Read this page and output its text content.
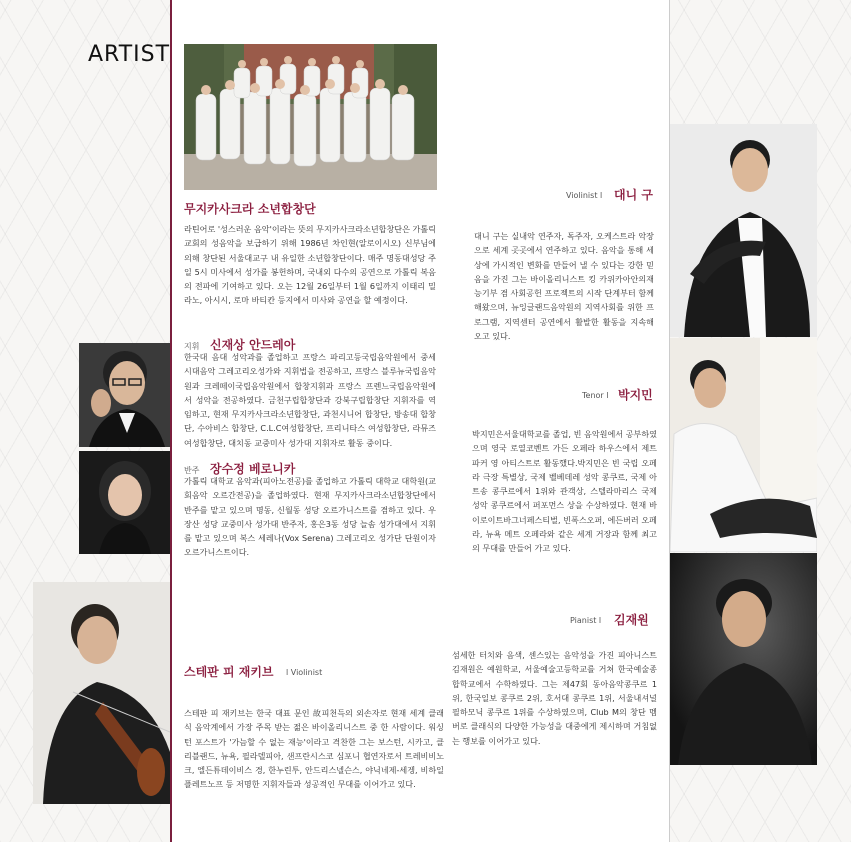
ARTIST
무지카사크라 소년합창단
라틴어로 '성스러운 음악'이라는 뜻의 무지카사크라소년합창단은 가톨릭교회의 성음악을 보급하기 위해 1986년 차인현(알로이시오) 신부님에 의해 창단된 서울대교구 내 유일한 소년합창단이다. 매주 명동대성당 주일 5시 미사에서 성가를 봉헌하며, 국내외 다수의 공연으로 가톨릭 복음의 전파에 기여하고 있다. 오는 12월 26일부터 1월 6일까지 이태리 밀라노, 아시시, 로마 바티칸 등지에서 미사와 공연을 할 예정이다.
지휘 신재상 안드레아
한국대 음대 성악과를 졸업하고 프랑스 파리고등국립음악원에서 중세 시대음악 그레고리오성가와 지휘법을 전공하고, 프랑스 블루뉴국립음악원과 크레떼이국립음악원에서 합창지휘과 프랑스 프렌느국립음악원에서 성악을 전공하였다. 금천구립합창단과 강북구립합창단 지휘자를 역임하고, 현재 무지카사크라소년합창단, 과천시니어 합창단, 방송대 합창단, 수아비스 합창단, C.L.C여성합창단, 프리니타스 여성합창단, 라뮤즈여성합창단, 대치동 교중미사 성가대 지휘자로 활동 중이다.
반주 장수정 베로니카
가톨릭 대학교 음악과(피아노전공)를 졸업하고 가톨릭 대학교 대학원(교회음악 오르간전공)을 졸업하였다. 현재 무지카사크라소년합창단에서 반주를 맡고 있으며 명동, 신월동 성당 오르가니스트를 겸하고 있다. 우장산 성당 교중미사 성가대 반주자, 홍은3동 성당 늘솜 성가대에서 지휘를 맡고 있으며 복스 세레나(Vox Serena) 그레고리오 성가단 단원이자 오르가니스트이다.
스테판 피 재키브 l Violinist
스테판 피 재키브는 한국 대표 문인 故피천득의 외손자로 현재 세계 클래식 음악계에서 가장 주목 받는 젊은 바이올리니스트 중 한 사람이다. 워싱턴 포스트가 '가늠할 수 없는 재능'이라고 격찬한 그는 보스턴, 시카고, 클리블랜드, 뉴욕, 필라델피아, 샌프란시스코 심포니 협연자로서 트레비비노크, 엘든튜데이비스 경, 한누린투, 안드리스넬슨스, 야닉네제-세겡, 비하일플레트노프 등 저명한 지휘자들과 성공적인 무대를 이어가고 있다.
Violinist l 대니 구
대니 구는 실내악 연주자, 독주자, 오케스트라 악장으로 세계 곳곳에서 연주하고 있다. 음악을 통해 세상에 가시적인 변화를 만들어 낼 수 있다는 강한 믿음을 가진 그는 바이올리니스트 킹 카위카아안의재능기부 겸 사회공헌 프로젝트의 시작 단계부터 함께 해왔으며, 뉴잉글랜드음악원의 지역사회를 위한 프로그램, 지역센터 공연에서 활발한 활동을 지속해 오고 있다.
Tenor l 박지민
박지민은서울대학교를 졸업, 빈 음악원에서 공부하였으며 영국 로열코벤트 가든 오페라 하우스에서 제트 파커 영 아티스트로 활동했다.박지민은 빈 국립 오페라 극장 특별상, 국제 벨베데레 성악 콩쿠르, 국제 아트송 콩쿠르에서 1위와 관객상, 스텔라마리스 국제 성악 콩쿠르에서 퍼포먼스 상을 수상하였다. 현재 바이로이트바그너페스티벌, 빈폭스오퍼, 에든버러 오페라, 뉴욕 메트 오페라와 같은 세계 거장과 함께 최고의 무대를 만들어 가고 있다.
Pianist l 김재원
섬세한 터치와 음색, 센스있는 음악성을 가진 피아니스트 김재원은 예원학교, 서울예술고등학교를 거쳐 한국예술종합학교에서 수학하였다. 그는 제47회 동아음악콩쿠르 1위, 한국일보 콩쿠르 2위, 호서대 콩쿠르 1위, 서울내셔널필하모닉 콩쿠르 1위를 수상하였으며, Club M의 창단 멤버로 클래식의 다양한 가능성을 대중에게 제시하며 거침없는 행보를 이어가고 있다.
